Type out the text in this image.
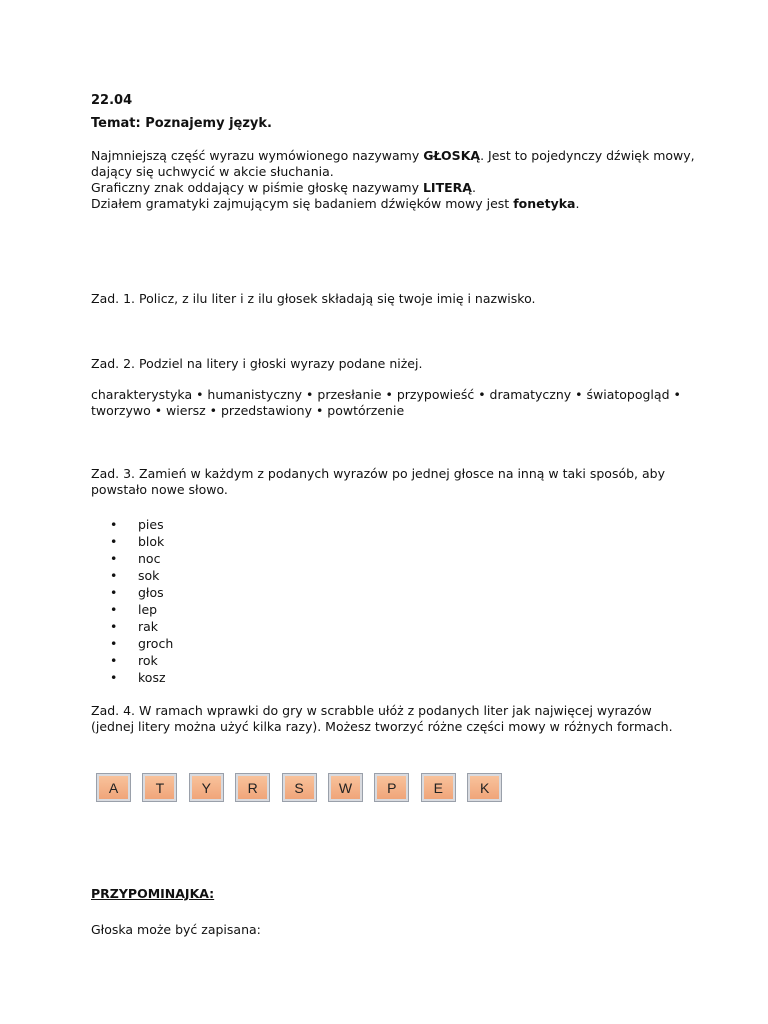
22.04

Temat: Poznajemy język.

Najmniejszą część wyrazu wymówionego nazywamy GŁOSKĄ. Jest to pojedynczy dźwięk mowy, dający się uchwycić w akcie słuchania.

Graficzny znak oddający w piśmie głoskę nazywamy LITERĄ.

Działem gramatyki zajmującym się badaniem dźwięków mowy jest fonetyka.

Zad. 1. Policz, z ilu liter i z ilu głosek składają się twoje imię i nazwisko.

Zad. 2. Podziel na litery i głoski wyrazy podane niżej.

charakterystyka • humanistyczny • przesłanie • przypowieść • dramatyczny • światopogląd • tworzywo • wiersz • przedstawiony • powtórzenie

Zad. 3. Zamień w każdym z podanych wyrazów po jednej głosce na inną w taki sposób, aby powstało nowe słowo.

• pies
• blok
• noc
• sok
• głos
• lep
• rak
• groch
• rok
• kosz

Zad. 4. W ramach wprawki do gry w scrabble ułóż z podanych liter jak najwięcej wyrazów (jednej litery można użyć kilka razy). Możesz tworzyć różne części mowy w różnych formach.

A	T	Y	R	S	W	P	E	K

PRZYPOMINAJKA:

Głoska może być zapisana:
